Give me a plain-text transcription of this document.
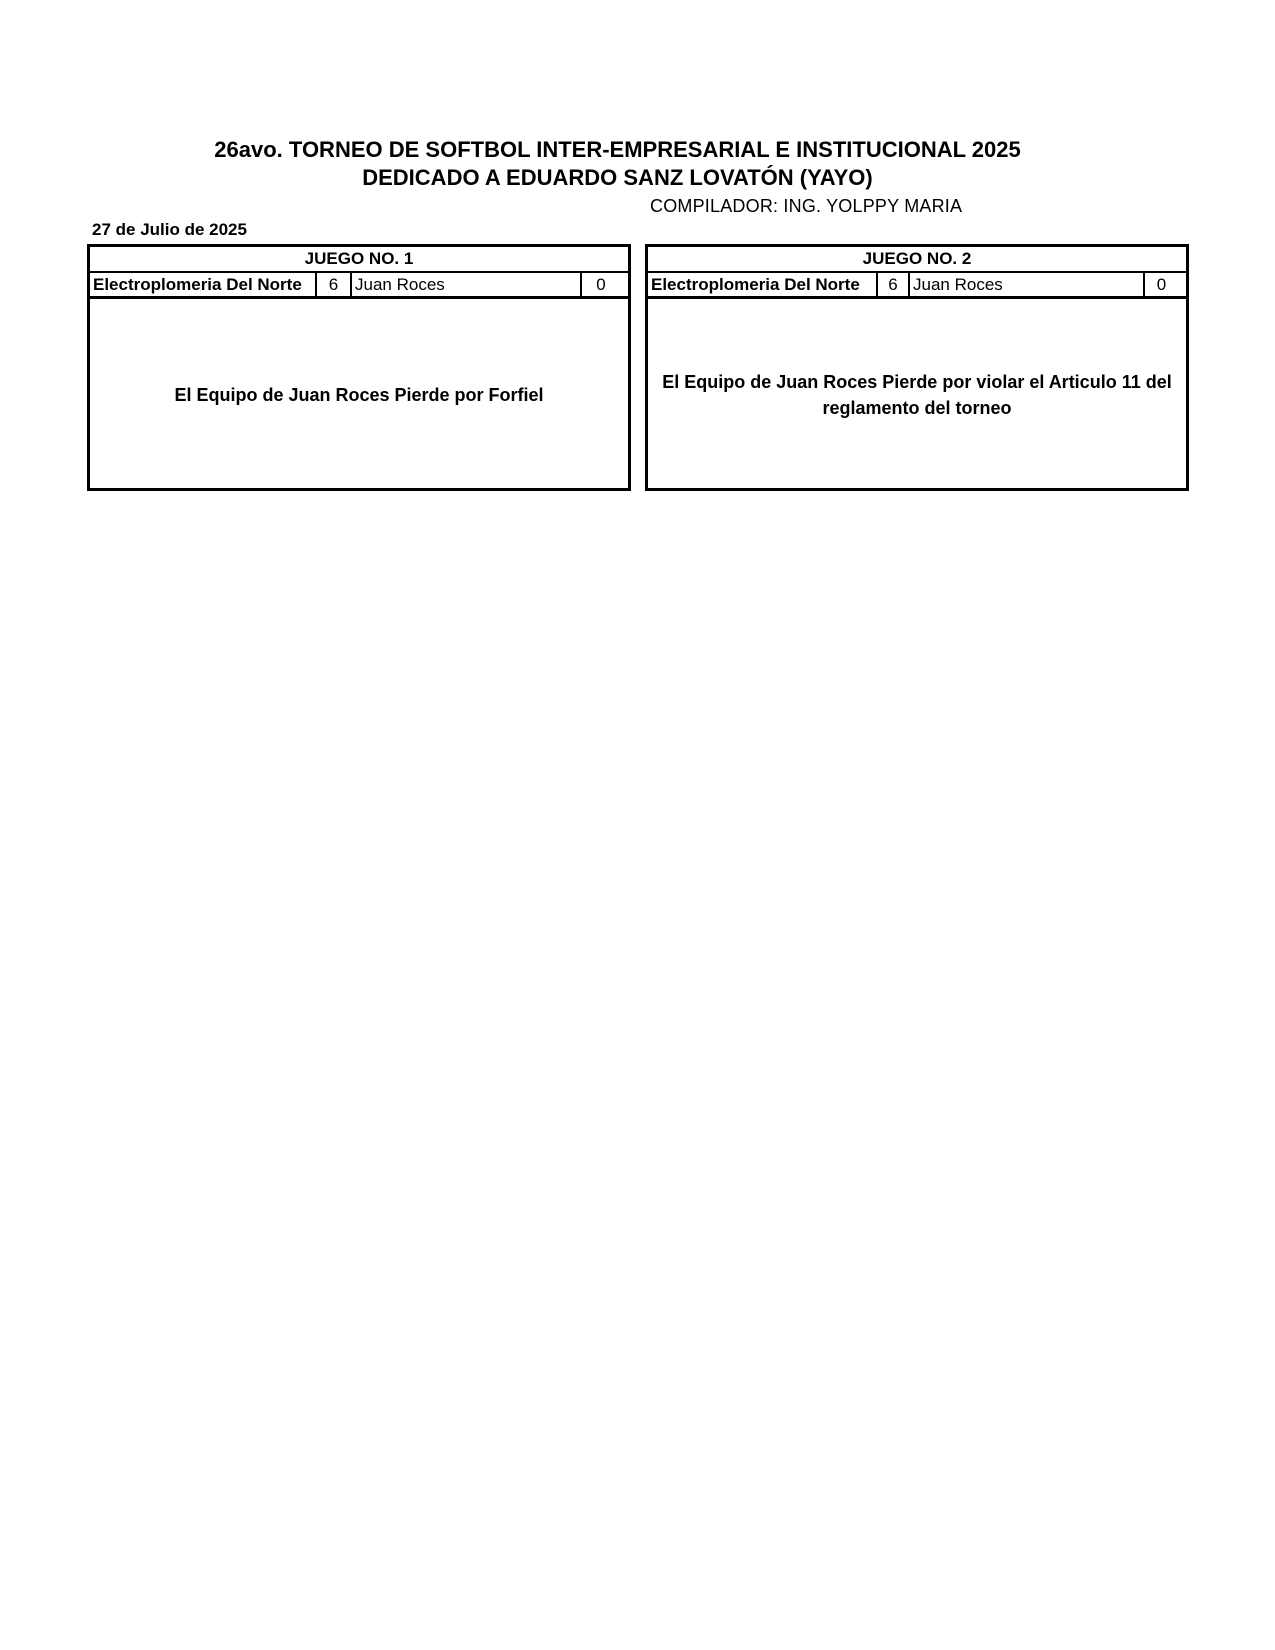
26avo. TORNEO DE SOFTBOL INTER-EMPRESARIAL E INSTITUCIONAL 2025
DEDICADO A EDUARDO SANZ LOVATÓN (YAYO)
COMPILADOR: ING. YOLPPY MARIA
27 de Julio de 2025
JUEGO NO. 1
Electroplomeria Del Norte	6 Juan Roces	0
El Equipo de Juan Roces Pierde por Forfiel
JUEGO NO. 2
Electroplomeria Del Norte	6 Juan Roces	0
El Equipo de Juan Roces Pierde por violar el Articulo 11 del reglamento del torneo
